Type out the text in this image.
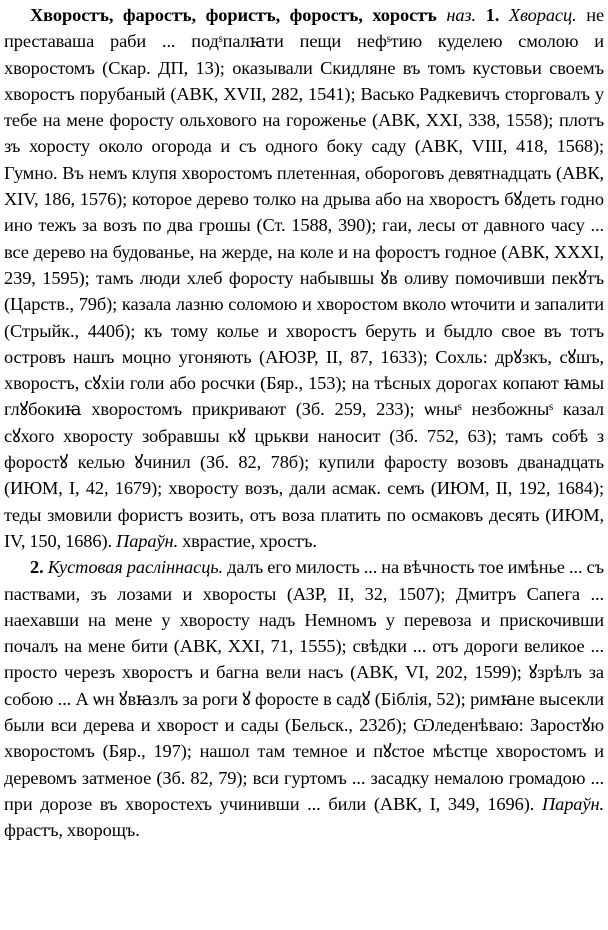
Хворостъ, фаростъ, фористъ, форостъ, хоростъ наз. 1. Хворасц. не преставаша раби ... подˢпалꙗти пещи нефˢтию куделею смолою и хворостомъ (Скар. ДП, 13); оказывали Скидляне въ томъ кустовьи своемъ хворостъ порубаный (АВК, XVII, 282, 1541); Васько Радкевичъ сторговалъ у тебе на мене форосту ольхового на гороженье (АВК, XXI, 338, 1558); плотъ зъ хоросту около огорода и съ одного боку саду (АВК, VIII, 418, 1568); Гумно. Въ немъ клупя хворостомъ плетенная, обороговъ девятнадцать (АВК, XIV, 186, 1576); которое дерево толко на дрыва або на хворостъ бꙋдеть годно ино тежъ за возъ по два грошы (Ст. 1588, 390); гаи, лесы от давного часу ... все дерево на будованье, на жерде, на коле и на форостъ годное (АВК, XXXI, 239, 1595); тамъ люди хлеб форосту набывшы ꙋв оливу помочивши пекꙋтъ (Царств., 79б); казала лазню соломою и хворостом вколо ѡточити и запалити (Стрыйк., 440б); къ тому колье и хворостъ беруть и быдло свое въ тотъ островъ нашъ моцно угоняють (АЮЗР, II, 87, 1633); Сохль: дрꙋзкъ, сꙋшъ, хворостъ, сꙋхiи голи або росчки (Бяр., 153); на тѣсных дорогах копают ꙗмы глꙋбокиꙗ хворостомъ прикривают (Зб. 259, 233); ѡныˢ незбожныˢ казал сꙋхого хворосту зобравшы кꙋ црькви наносит (Зб. 752, 63); тамъ собѣ з форостꙋ келью ꙋчинил (Зб. 82, 78б); купили фаросту возовъ дванадцать (ИЮМ, I, 42, 1679); хворосту возъ, дали асмак. семъ (ИЮМ, II, 192, 1684); теды змовили фористъ возить, отъ воза платить по осмаковъ десять (ИЮМ, IV, 150, 1686). Параўн. хврастие, хростъ.

2. Кустовая раслiннасць. далъ его милость ... на вѣчность тое имѣнье ... съ паствами, зъ лозами и хворосты (АЗР, II, 32, 1507); Дмитръ Сапега ... наехавши на мене у хворосту надъ Немномъ у перевоза и прискочивши почалъ на мене бити (АВК, XXI, 71, 1555); свѣдки ... отъ дороги великое ... просто черезъ хворостъ и багна вели насъ (АВК, VI, 202, 1599); ꙋзрѣлъ за собою ... А ѡн ꙋвꙗзлъ за роги ꙋ форосте в садꙋ (Біблія, 52); римꙗне высекли были вси дерева и хворост и сады (Бельск., 232б); Ѡледенѣваю: Заростꙋю хворостомъ (Бяр., 197); нашол там темное и пꙋстое мѣстце хворостомъ и деревомъ затменое (Зб. 82, 79); вси гуртомъ ... засадку немалою громадою ... при дорозе въ хворостехъ учинивши ... били (АВК, I, 349, 1696). Параўн. фрастъ, хворощъ.
